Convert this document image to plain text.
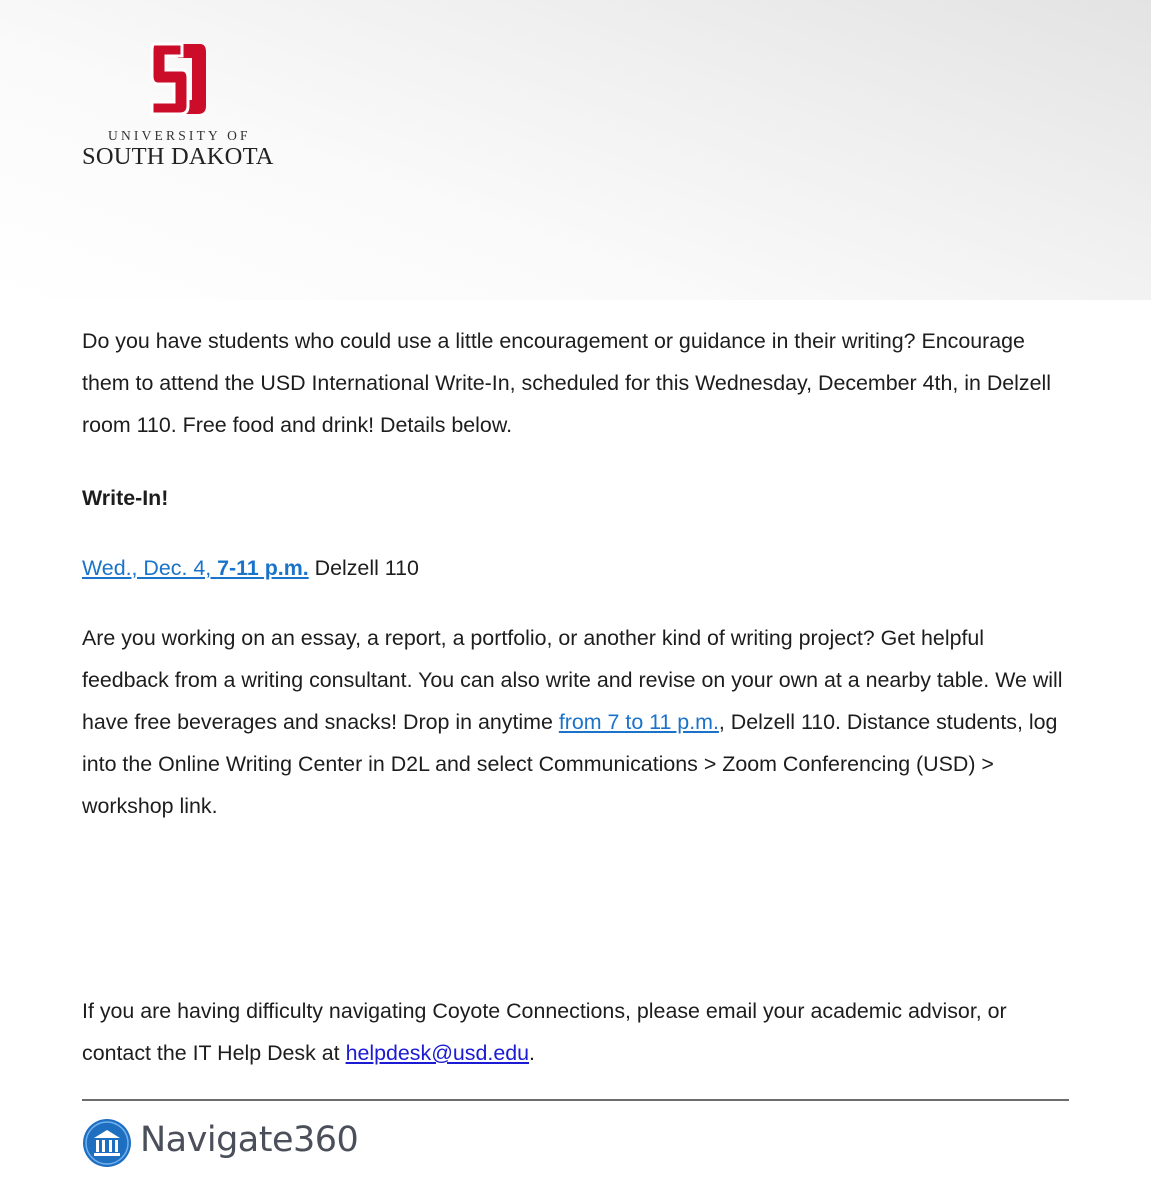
UNIVERSITY OF
SOUTH DAKOTA

Do you have students who could use a little encouragement or guidance in their writing? Encourage them to attend the USD International Write-In, scheduled for this Wednesday, December 4th, in Delzell room 110. Free food and drink! Details below.

Write-In!

Wed., Dec. 4, 7-11 p.m. Delzell 110

Are you working on an essay, a report, a portfolio, or another kind of writing project? Get helpful feedback from a writing consultant. You can also write and revise on your own at a nearby table. We will have free beverages and snacks! Drop in anytime from 7 to 11 p.m., Delzell 110. Distance students, log into the Online Writing Center in D2L and select Communications > Zoom Conferencing (USD) > workshop link.

If you are having difficulty navigating Coyote Connections, please email your academic advisor, or contact the IT Help Desk at helpdesk@usd.edu.

Navigate360
